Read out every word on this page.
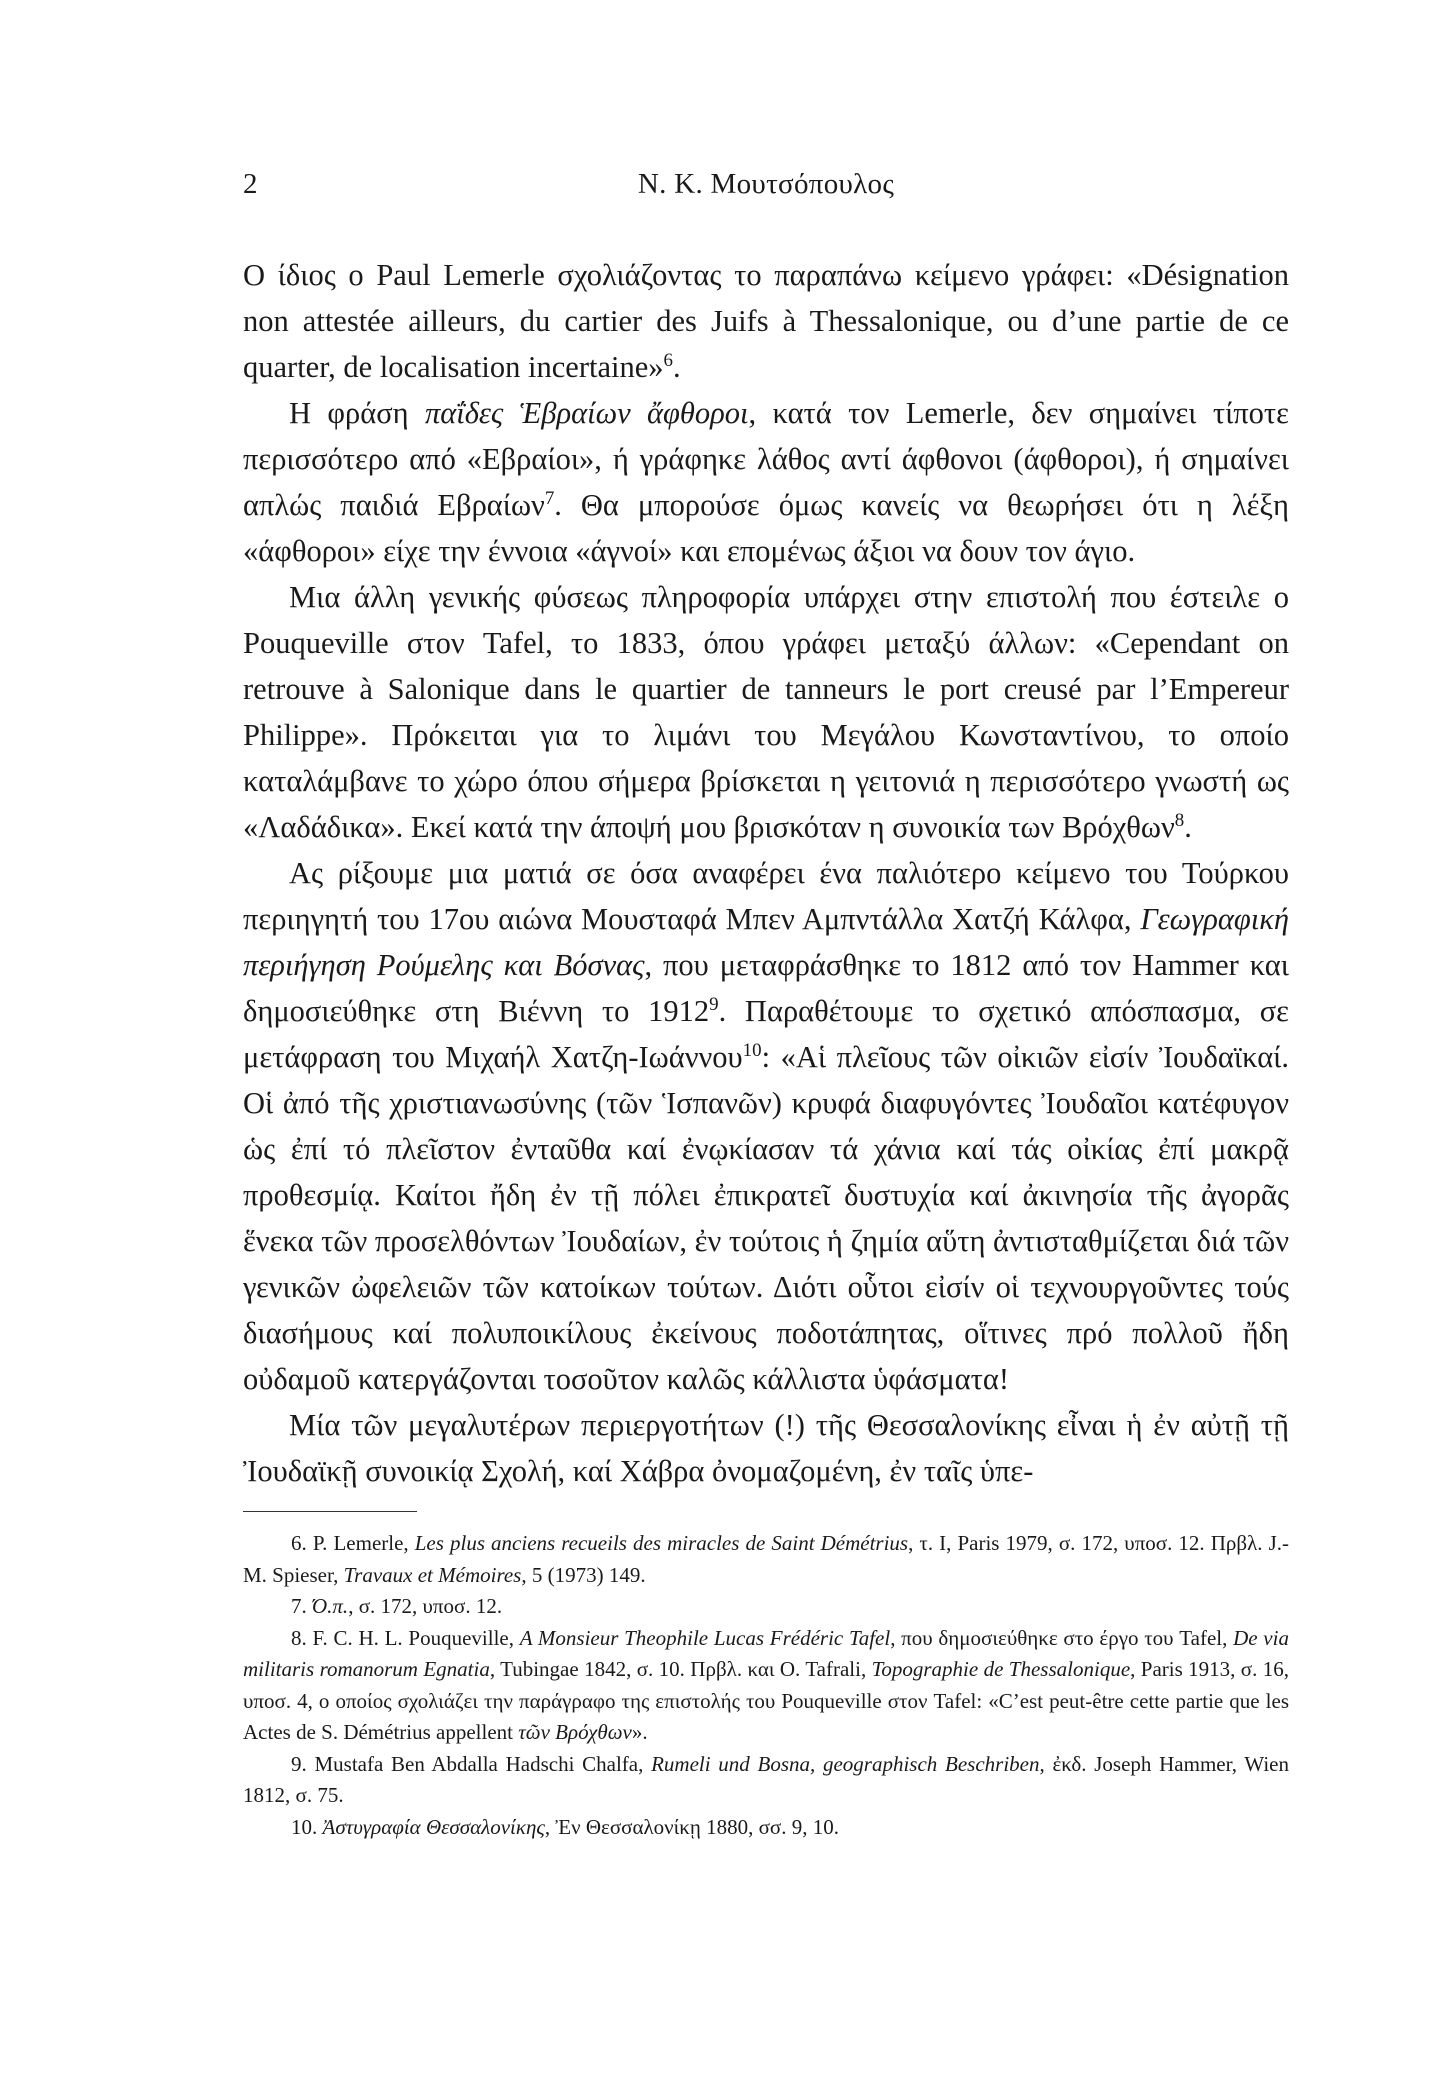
2	Ν. Κ. Μουτσόπουλος

Ο ίδιος ο Paul Lemerle σχολιάζοντας το παραπάνω κείμενο γράφει: «Désignation non attestée ailleurs, du cartier des Juifs à Thessalonique, ou d’une partie de ce quarter, de localisation incertaine»$^6$.

Η φράση παΐδες Ἑβραίων ἄφθοροι, κατά τον Lemerle, δεν σημαίνει τίποτε περισσότερο από «Εβραίοι», ή γράφηκε λάθος αντί άφθονοι (άφθοροι), ή σημαίνει απλώς παιδιά Εβραίων$^7$. Θα μπορούσε όμως κανείς να θεωρήσει ότι η λέξη «άφθοροι» είχε την έννοια «άγνοί» και επομένως άξιοι να δουν τον άγιο.

Μια άλλη γενικής φύσεως πληροφορία υπάρχει στην επιστολή που έστειλε ο Pouqueville στον Tafel, το 1833, όπου γράφει μεταξύ άλλων: «Cependant on retrouve à Salonique dans le quartier de tanneurs le port creusé par l’Empereur Philippe». Πρόκειται για το λιμάνι του Μεγάλου Κωνσταντίνου, το οποίο καταλάμβανε το χώρο όπου σήμερα βρίσκεται η γειτονιά η περισσότερο γνωστή ως «Λαδάδικα». Εκεί κατά την άποψή μου βρισκόταν η συνοικία των Βρόχθων$^8$.

Ας ρίξουμε μια ματιά σε όσα αναφέρει ένα παλιότερο κείμενο του Τούρκου περιηγητή του 17ου αιώνα Μουσταφά Μπεν Αμπντάλλα Χατζή Κάλφα, Γεωγραφική περιήγηση Ρούμελης και Βόσνας, που μεταφράσθηκε το 1812 από τον Hammer και δημοσιεύθηκε στη Βιέννη το 1912$^9$. Παραθέτουμε το σχετικό απόσπασμα, σε μετάφραση του Μιχαήλ Χατζη-Ιωάννου$^{10}$: «Αἱ πλεῖους τῶν οἰκιῶν εἰσίν Ἰουδαϊκαί. Οἱ ἀπό τῆς χριστιανωσύνης (τῶν Ἱσπανῶν) κρυφά διαφυγόντες Ἰουδαῖοι κατέφυγον ὡς ἐπί τό πλεῖστον ἐνταῦθα καί ἐνῳκίασαν τά χάνια καί τάς οἰκίας ἐπί μακρᾷ προθεσμίᾳ. Καίτοι ἤδη ἐν τῇ πόλει ἐπικρατεῖ δυστυχία καί ἀκινησία τῆς ἀγορᾶς ἕνεκα τῶν προσελθόντων Ἰουδαίων, ἐν τούτοις ἡ ζημία αὕτη ἀντισταθμίζεται διά τῶν γενικῶν ὠφελειῶν τῶν κατοίκων τούτων. Διότι οὗτοι εἰσίν οἱ τεχνουργοῦντες τούς διασήμους καί πολυποικίλους ἐκείνους ποδοτάπητας, οἵτινες πρό πολλοῦ ἤδη οὐδαμοῦ κατεργάζονται τοσοῦτον καλῶς κάλλιστα ὑφάσματα!

Μία τῶν μεγαλυτέρων περιεργοτήτων (!) τῆς Θεσσαλονίκης εἶναι ἡ ἐν αὐτῇ τῇ Ἰουδαϊκῇ συνοικίᾳ Σχολή, καί Χάβρα ὀνομαζομένη, ἐν ταῖς ὑπε-

6. P. Lemerle, Les plus anciens recueils des miracles de Saint Démétrius, τ. I, Paris 1979, σ. 172, υποσ. 12. Πρβλ. J.- M. Spieser, Travaux et Mémoires, 5 (1973) 149.

7. Ό.π., σ. 172, υποσ. 12.

8. F. C. H. L. Pouqueville, A Monsieur Theophile Lucas Frédéric Tafel, που δημοσιεύθηκε στο έργο του Tafel, De via militaris romanorum Egnatia, Tubingae 1842, σ. 10. Πρβλ. και O. Tafrali, Topographie de Thessalonique, Paris 1913, σ. 16, υποσ. 4, ο οποίος σχολιάζει την παράγραφο της επιστολής του Pouqueville στον Tafel: «C’est peut-être cette partie que les Actes de S. Démétrius appellent τῶν Βρόχθων».

9. Mustafa Ben Abdalla Hadschi Chalfa, Rumeli und Bosna, geographisch Beschriben, ἐκδ. Joseph Hammer, Wien 1812, σ. 75.

10. Ἀστυγραφία Θεσσαλονίκης, Ἐν Θεσσαλονίκῃ 1880, σσ. 9, 10.
